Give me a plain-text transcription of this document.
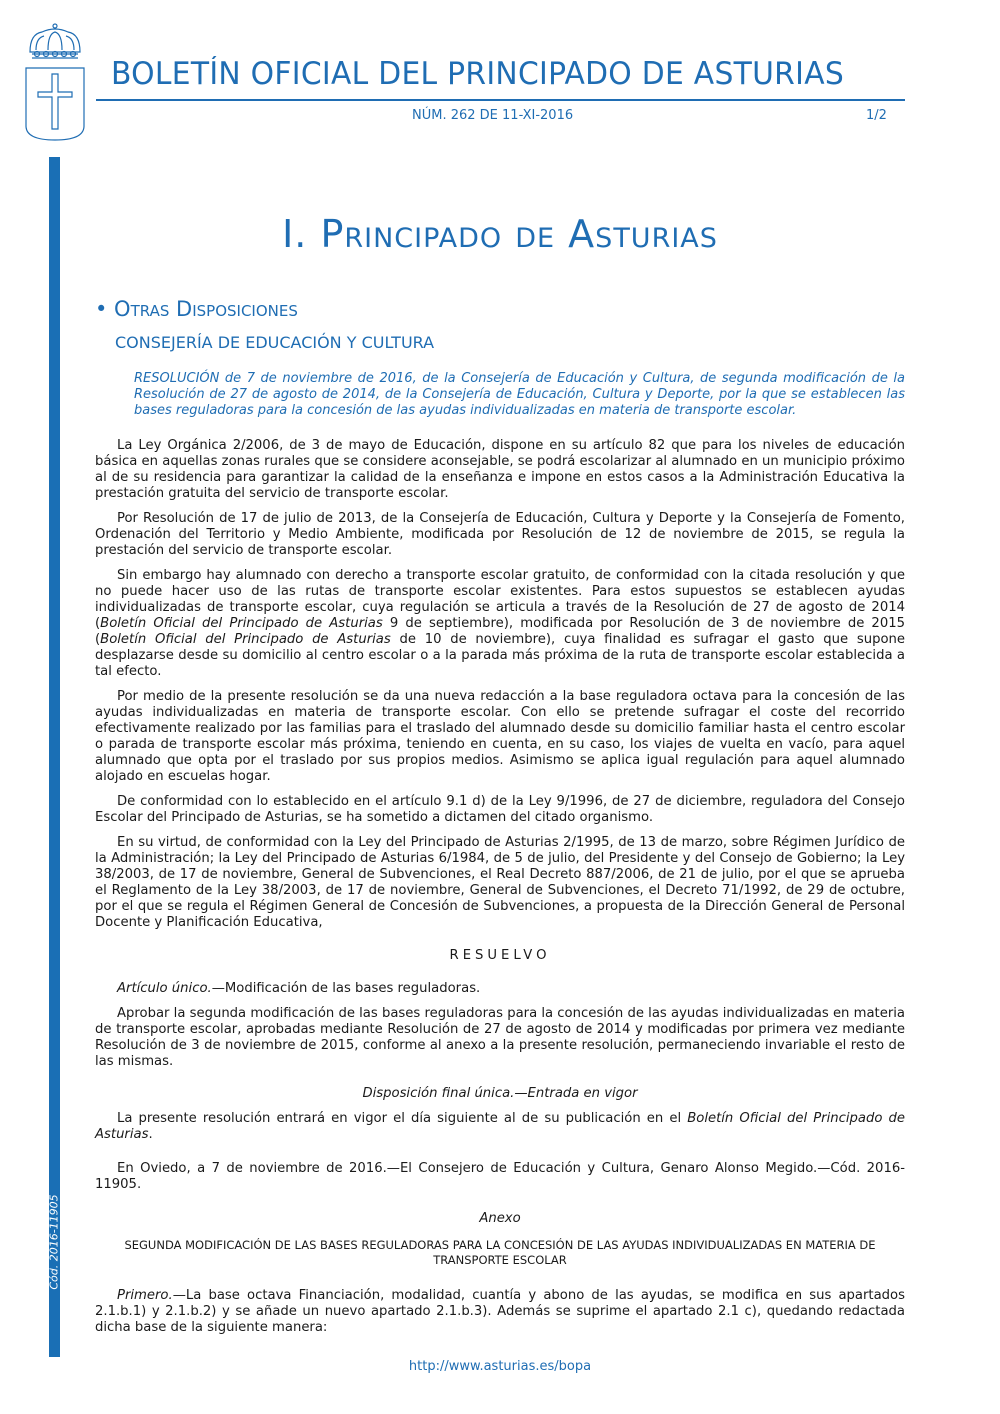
BOLETÍN OFICIAL DEL PRINCIPADO DE ASTURIAS
NÚM. 262 DE 11-XI-2016	1/2
Cód. 2016-11905
I. Principado de Asturias
• Otras Disposiciones
CONSEJERÍA DE EDUCACIÓN Y CULTURA
RESOLUCIÓN de 7 de noviembre de 2016, de la Consejería de Educación y Cultura, de segunda modificación de la Resolución de 27 de agosto de 2014, de la Consejería de Educación, Cultura y Deporte, por la que se establecen las bases reguladoras para la concesión de las ayudas individualizadas en materia de transporte escolar.

La Ley Orgánica 2/2006, de 3 de mayo de Educación, dispone en su artículo 82 que para los niveles de educación básica en aquellas zonas rurales que se considere aconsejable, se podrá escolarizar al alumnado en un municipio próximo al de su residencia para garantizar la calidad de la enseñanza e impone en estos casos a la Administración Educativa la prestación gratuita del servicio de transporte escolar.

Por Resolución de 17 de julio de 2013, de la Consejería de Educación, Cultura y Deporte y la Consejería de Fomento, Ordenación del Territorio y Medio Ambiente, modificada por Resolución de 12 de noviembre de 2015, se regula la prestación del servicio de transporte escolar.

Sin embargo hay alumnado con derecho a transporte escolar gratuito, de conformidad con la citada resolución y que no puede hacer uso de las rutas de transporte escolar existentes. Para estos supuestos se establecen ayudas individualizadas de transporte escolar, cuya regulación se articula a través de la Resolución de 27 de agosto de 2014 (Boletín Oficial del Principado de Asturias 9 de septiembre), modificada por Resolución de 3 de noviembre de 2015 (Boletín Oficial del Principado de Asturias de 10 de noviembre), cuya finalidad es sufragar el gasto que supone desplazarse desde su domicilio al centro escolar o a la parada más próxima de la ruta de transporte escolar establecida a tal efecto.

Por medio de la presente resolución se da una nueva redacción a la base reguladora octava para la concesión de las ayudas individualizadas en materia de transporte escolar. Con ello se pretende sufragar el coste del recorrido efectivamente realizado por las familias para el traslado del alumnado desde su domicilio familiar hasta el centro escolar o parada de transporte escolar más próxima, teniendo en cuenta, en su caso, los viajes de vuelta en vacío, para aquel alumnado que opta por el traslado por sus propios medios. Asimismo se aplica igual regulación para aquel alumnado alojado en escuelas hogar.

De conformidad con lo establecido en el artículo 9.1 d) de la Ley 9/1996, de 27 de diciembre, reguladora del Consejo Escolar del Principado de Asturias, se ha sometido a dictamen del citado organismo.

En su virtud, de conformidad con la Ley del Principado de Asturias 2/1995, de 13 de marzo, sobre Régimen Jurídico de la Administración; la Ley del Principado de Asturias 6/1984, de 5 de julio, del Presidente y del Consejo de Gobierno; la Ley 38/2003, de 17 de noviembre, General de Subvenciones, el Real Decreto 887/2006, de 21 de julio, por el que se aprueba el Reglamento de la Ley 38/2003, de 17 de noviembre, General de Subvenciones, el Decreto 71/1992, de 29 de octubre, por el que se regula el Régimen General de Concesión de Subvenciones, a propuesta de la Dirección General de Personal Docente y Planificación Educativa,

RESUELVO

Artículo único.—Modificación de las bases reguladoras.

Aprobar la segunda modificación de las bases reguladoras para la concesión de las ayudas individualizadas en materia de transporte escolar, aprobadas mediante Resolución de 27 de agosto de 2014 y modificadas por primera vez mediante Resolución de 3 de noviembre de 2015, conforme al anexo a la presente resolución, permaneciendo invariable el resto de las mismas.

Disposición final única.—Entrada en vigor

La presente resolución entrará en vigor el día siguiente al de su publicación en el Boletín Oficial del Principado de Asturias.

En Oviedo, a 7 de noviembre de 2016.—El Consejero de Educación y Cultura, Genaro Alonso Megido.—Cód. 2016-11905.

Anexo

SEGUNDA MODIFICACIÓN DE LAS BASES REGULADORAS PARA LA CONCESIÓN DE LAS AYUDAS INDIVIDUALIZADAS EN MATERIA DE TRANSPORTE ESCOLAR

Primero.—La base octava Financiación, modalidad, cuantía y abono de las ayudas, se modifica en sus apartados 2.1.b.1) y 2.1.b.2) y se añade un nuevo apartado 2.1.b.3). Además se suprime el apartado 2.1 c), quedando redactada dicha base de la siguiente manera:

http://www.asturias.es/bopa
